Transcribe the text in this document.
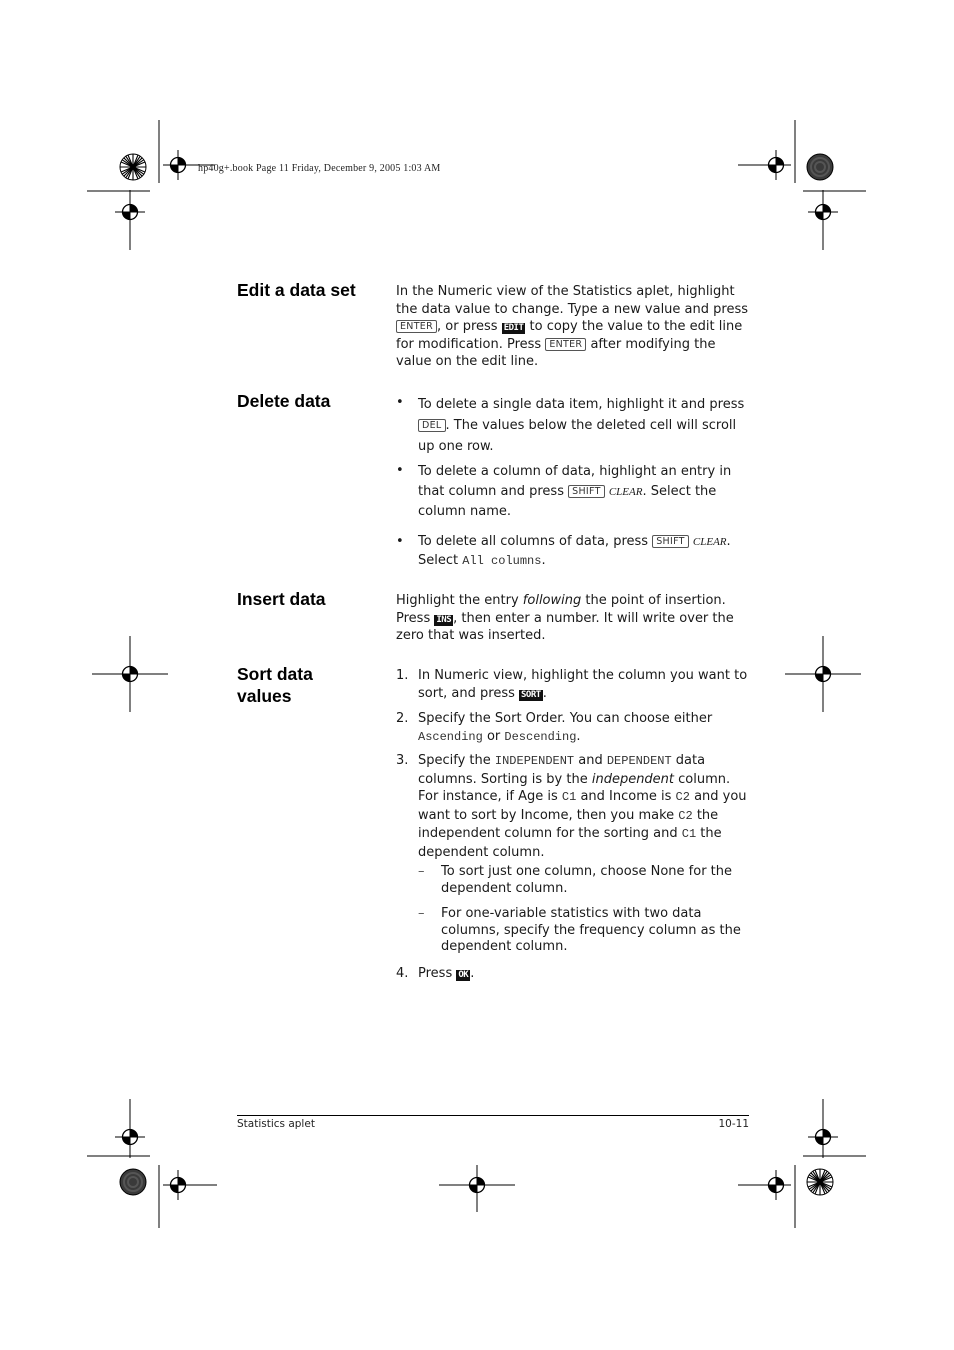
hp40g+.book Page 11 Friday, December 9, 2005 1:03 AM
Edit a data set	In the Numeric view of the Statistics aplet, highlight the data value to change. Type a new value and press ENTER , or press EDIT to copy the value to the edit line for modification. Press ENTER after modifying the value on the edit line.
Delete data	• To delete a single data item, highlight it and press
DEL . The values below the deleted cell will scroll up one row.
• To delete a column of data, highlight an entry in that column and press SHIFT CLEAR. Select the column name.
• To delete all columns of data, press SHIFT CLEAR. Select All columns.
Insert data	Highlight the entry following the point of insertion. Press INS , then enter a number. It will write over the zero that was inserted.
Sort data
values
1. In Numeric view, highlight the column you want to sort, and press SORT .
2. Specify the Sort Order. You can choose either Ascending or Descending.
3. Specify the INDEPENDENT and DEPENDENT data columns. Sorting is by the independent column. For instance, if Age is C1 and Income is C2 and you want to sort by Income, then you make C2 the independent column for the sorting and C1 the dependent column.
– To sort just one column, choose None for the dependent column.
– For one-variable statistics with two data columns, specify the frequency column as the dependent column.
4. Press OK .
Statistics aplet	10-11
